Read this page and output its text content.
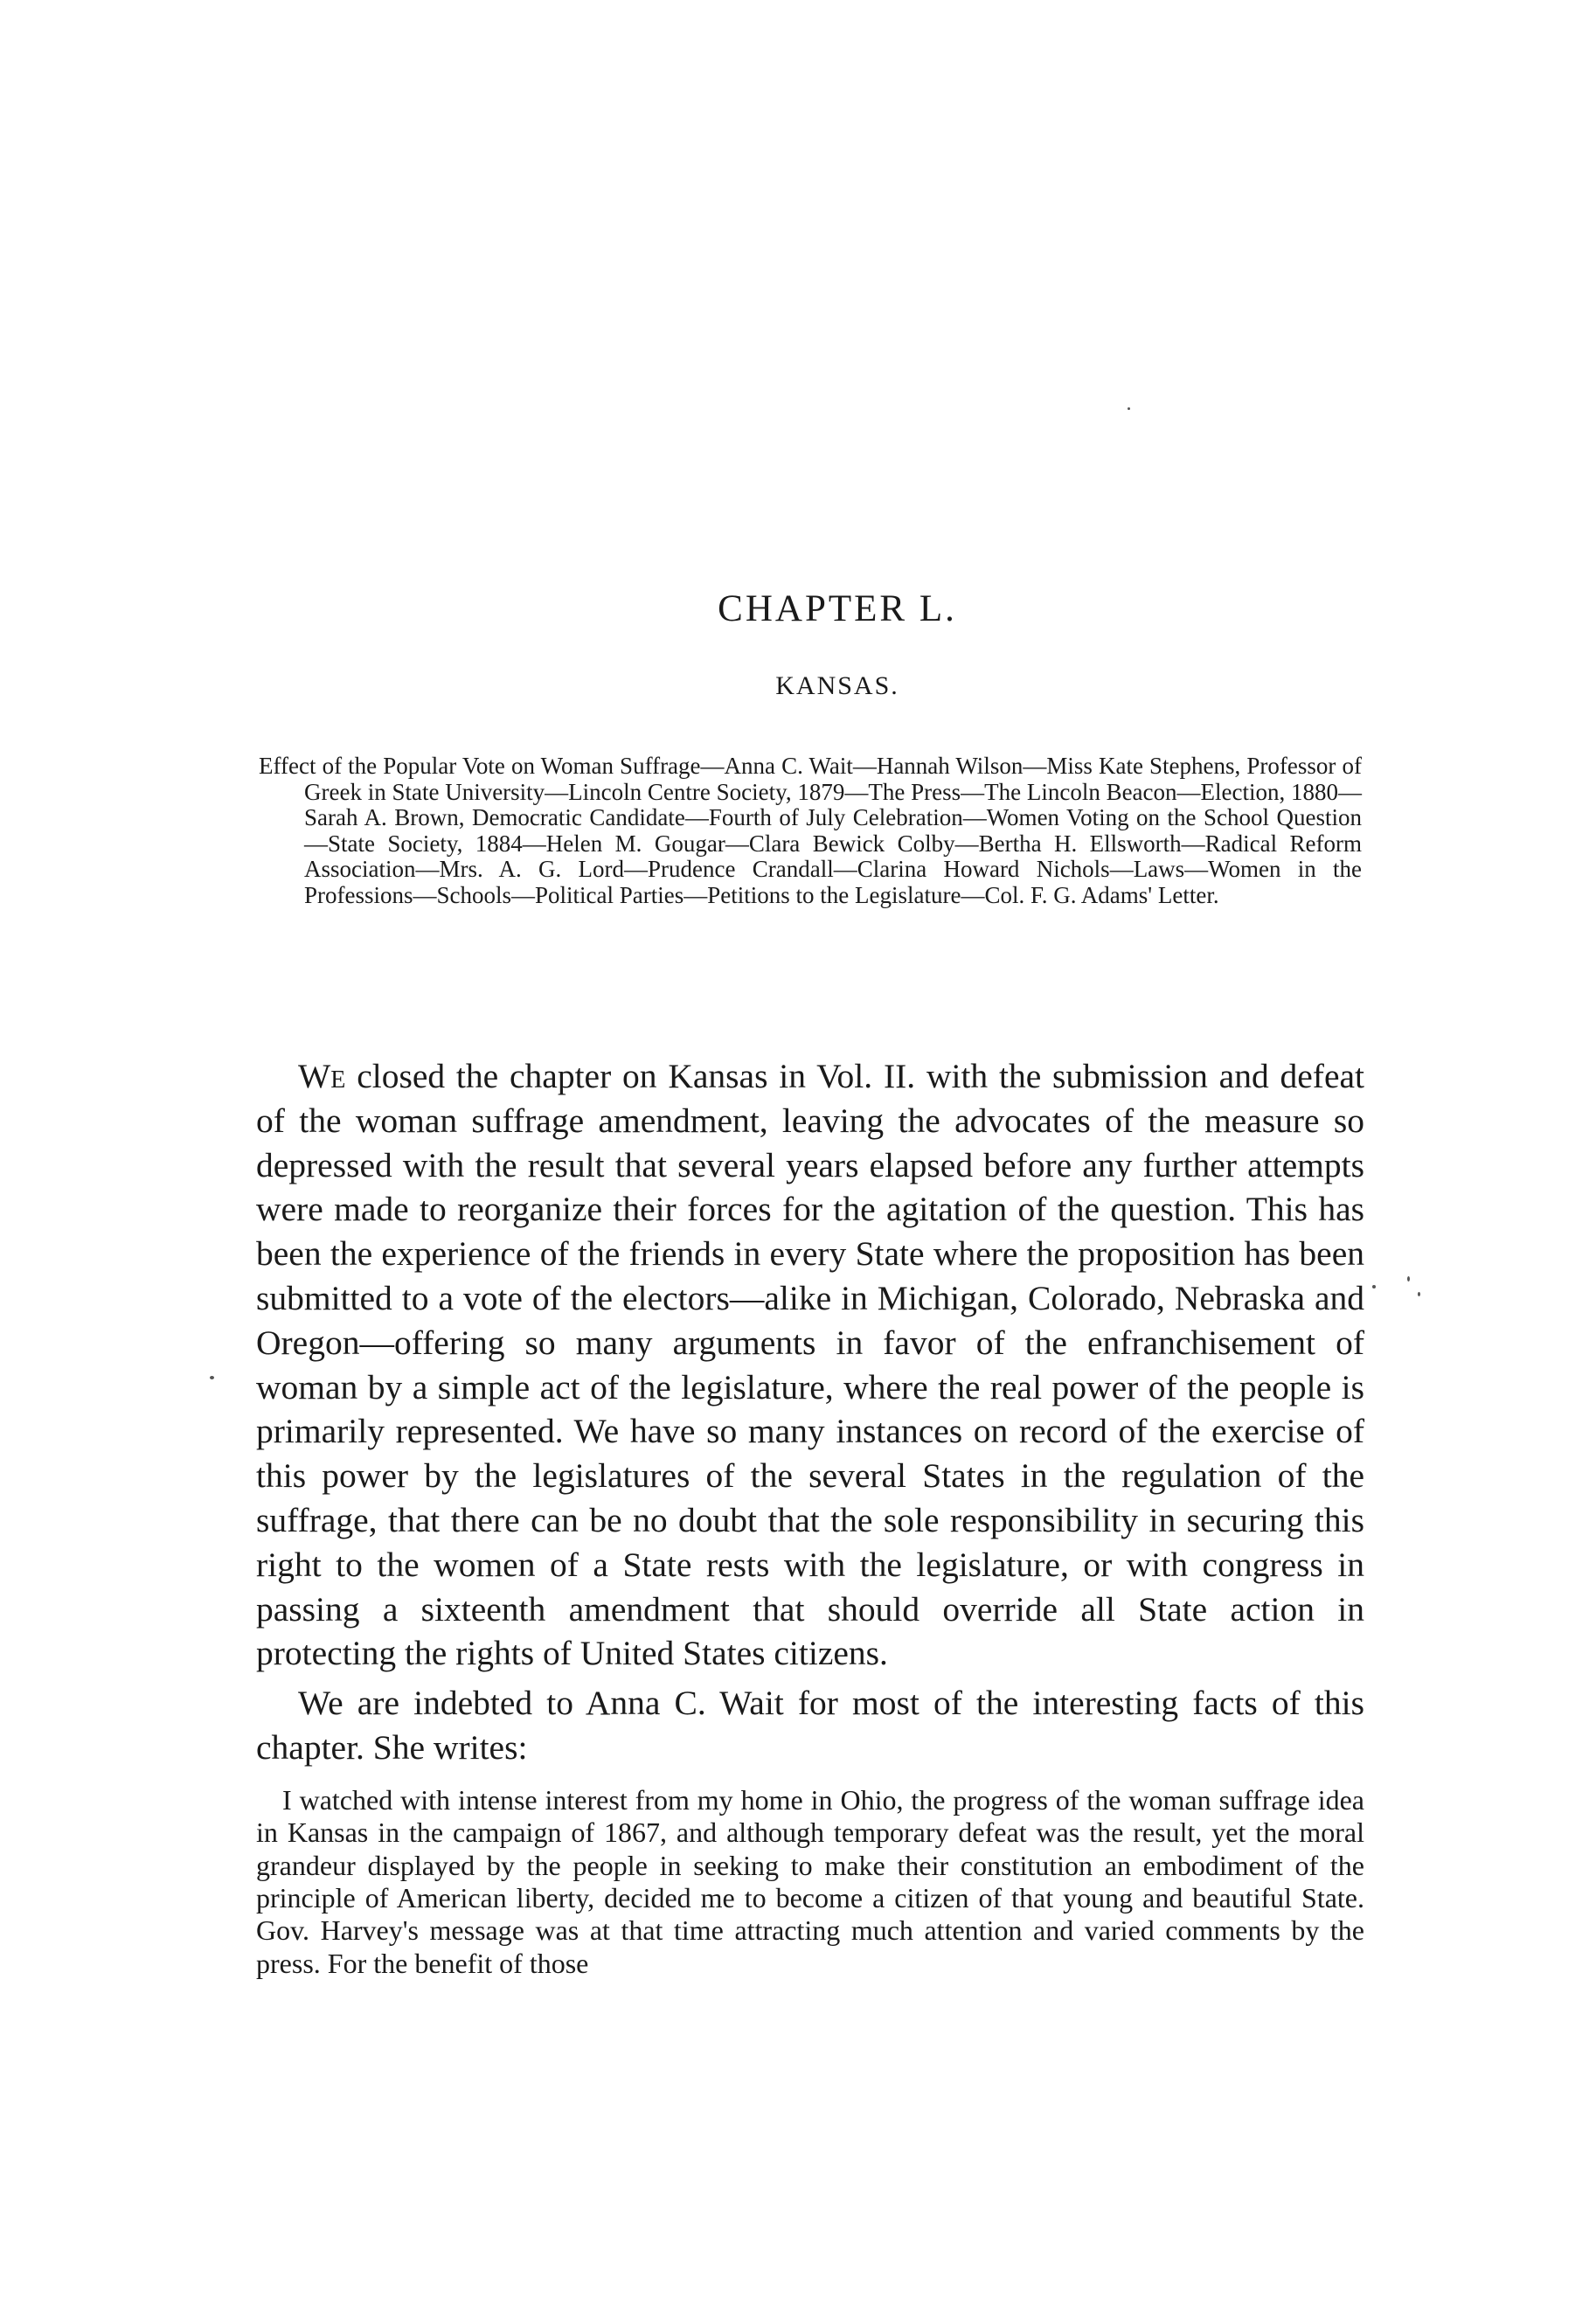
CHAPTER L.
KANSAS.
Effect of the Popular Vote on Woman Suffrage—Anna C. Wait—Hannah Wilson—Miss Kate Stephens, Professor of Greek in State University—Lincoln Centre Society, 1879—The Press—The Lincoln Beacon—Election, 1880—Sarah A. Brown, Democratic Candidate—Fourth of July Celebration—Women Voting on the School Question—State Society, 1884—Helen M. Gougar—Clara Bewick Colby—Bertha H. Ellsworth—Radical Reform Association—Mrs. A. G. Lord—Prudence Crandall—Clarina Howard Nichols—Laws—Women in the Professions—Schools—Political Parties—Petitions to the Legislature—Col. F. G. Adams' Letter.

We closed the chapter on Kansas in Vol. II. with the submission and defeat of the woman suffrage amendment, leaving the advocates of the measure so depressed with the result that several years elapsed before any further attempts were made to reorganize their forces for the agitation of the question. This has been the experience of the friends in every State where the proposition has been submitted to a vote of the electors—alike in Michigan, Colorado, Nebraska and Oregon—offering so many arguments in favor of the enfranchisement of woman by a simple act of the legislature, where the real power of the people is primarily represented. We have so many instances on record of the exercise of this power by the legislatures of the several States in the regulation of the suffrage, that there can be no doubt that the sole responsibility in securing this right to the women of a State rests with the legislature, or with congress in passing a sixteenth amendment that should override all State action in protecting the rights of United States citizens.

We are indebted to Anna C. Wait for most of the interesting facts of this chapter. She writes:

I watched with intense interest from my home in Ohio, the progress of the woman suffrage idea in Kansas in the campaign of 1867, and although temporary defeat was the result, yet the moral grandeur displayed by the people in seeking to make their constitution an embodiment of the principle of American liberty, decided me to become a citizen of that young and beautiful State. Gov. Harvey's message was at that time attracting much attention and varied comments by the press. For the benefit of those
